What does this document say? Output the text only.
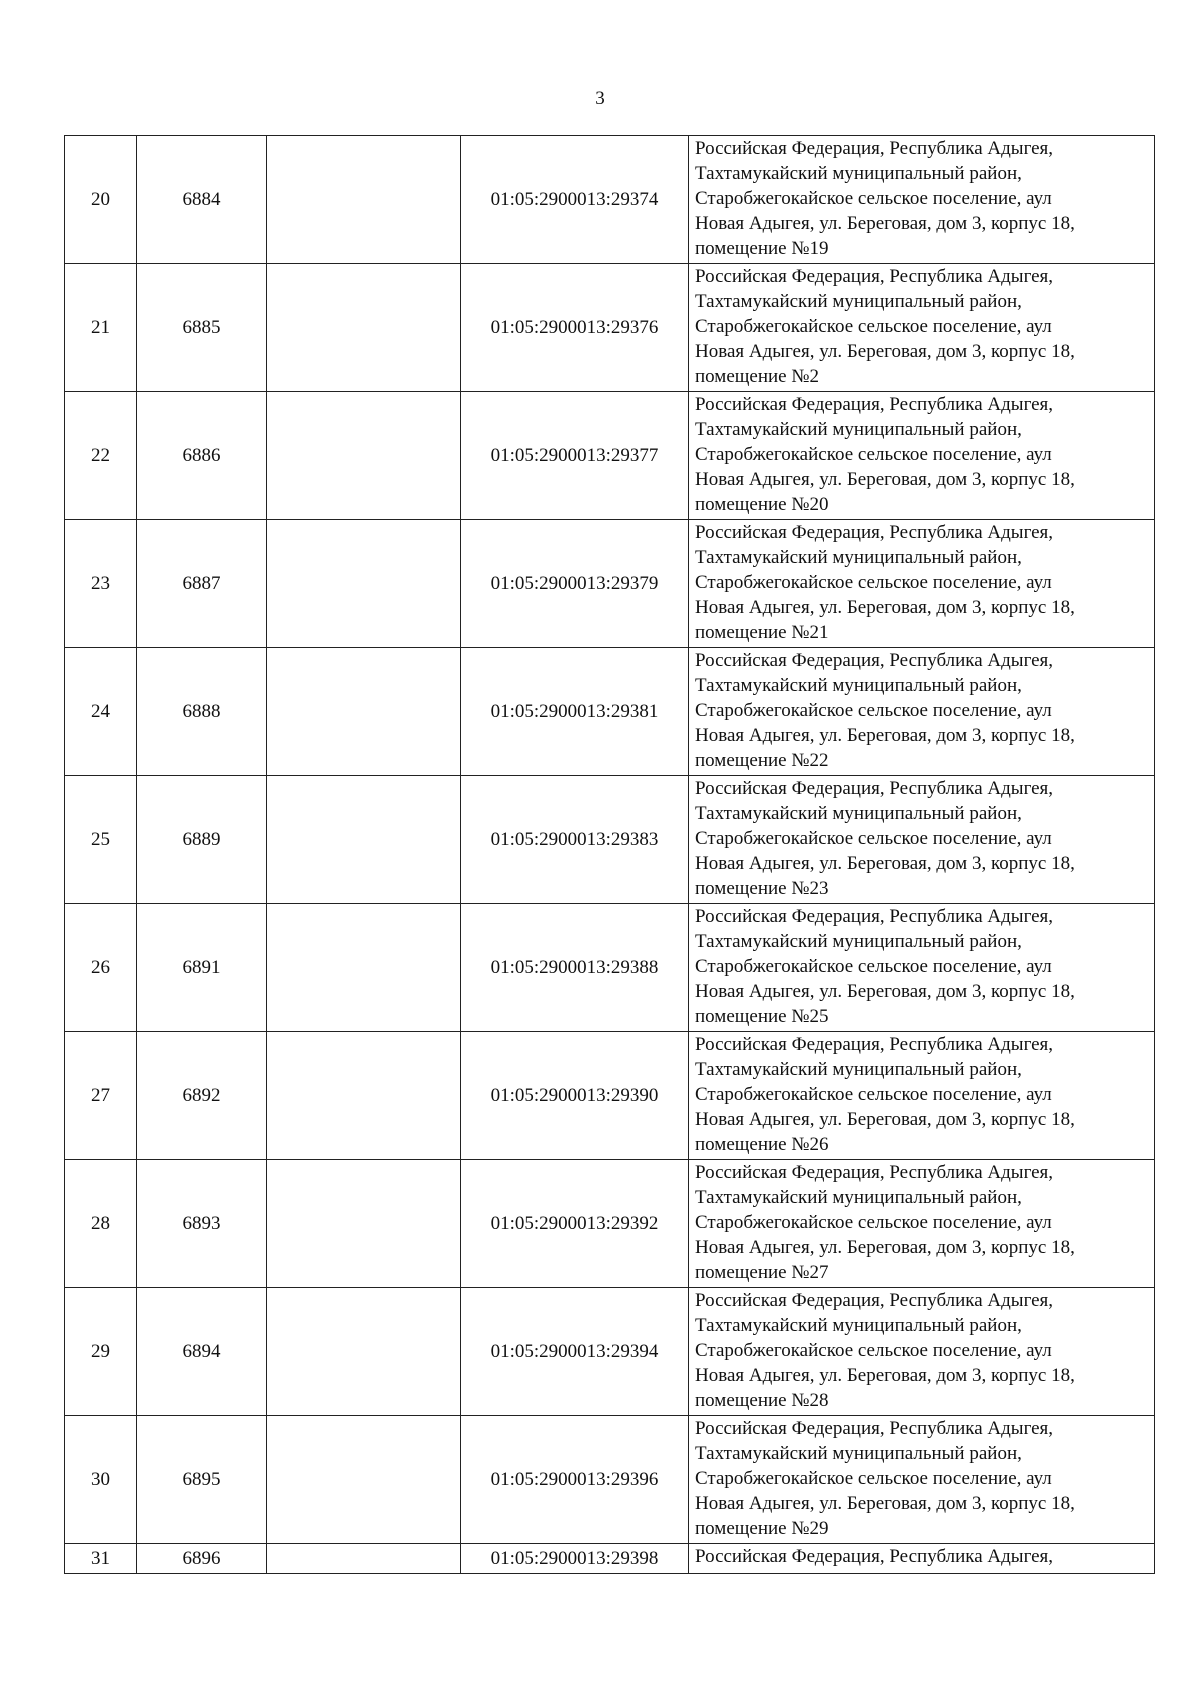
3
20	6884		01:05:2900013:29374	Российская Федерация, Республика Адыгея,
Тахтамукайский муниципальный район,
Старобжегокайское сельское поселение, аул
Новая Адыгея, ул. Береговая, дом 3, корпус 18,
помещение №19
21	6885		01:05:2900013:29376	Российская Федерация, Республика Адыгея,
Тахтамукайский муниципальный район,
Старобжегокайское сельское поселение, аул
Новая Адыгея, ул. Береговая, дом 3, корпус 18,
помещение №2
22	6886		01:05:2900013:29377	Российская Федерация, Республика Адыгея,
Тахтамукайский муниципальный район,
Старобжегокайское сельское поселение, аул
Новая Адыгея, ул. Береговая, дом 3, корпус 18,
помещение №20
23	6887		01:05:2900013:29379	Российская Федерация, Республика Адыгея,
Тахтамукайский муниципальный район,
Старобжегокайское сельское поселение, аул
Новая Адыгея, ул. Береговая, дом 3, корпус 18,
помещение №21
24	6888		01:05:2900013:29381	Российская Федерация, Республика Адыгея,
Тахтамукайский муниципальный район,
Старобжегокайское сельское поселение, аул
Новая Адыгея, ул. Береговая, дом 3, корпус 18,
помещение №22
25	6889		01:05:2900013:29383	Российская Федерация, Республика Адыгея,
Тахтамукайский муниципальный район,
Старобжегокайское сельское поселение, аул
Новая Адыгея, ул. Береговая, дом 3, корпус 18,
помещение №23
26	6891		01:05:2900013:29388	Российская Федерация, Республика Адыгея,
Тахтамукайский муниципальный район,
Старобжегокайское сельское поселение, аул
Новая Адыгея, ул. Береговая, дом 3, корпус 18,
помещение №25
27	6892		01:05:2900013:29390	Российская Федерация, Республика Адыгея,
Тахтамукайский муниципальный район,
Старобжегокайское сельское поселение, аул
Новая Адыгея, ул. Береговая, дом 3, корпус 18,
помещение №26
28	6893		01:05:2900013:29392	Российская Федерация, Республика Адыгея,
Тахтамукайский муниципальный район,
Старобжегокайское сельское поселение, аул
Новая Адыгея, ул. Береговая, дом 3, корпус 18,
помещение №27
29	6894		01:05:2900013:29394	Российская Федерация, Республика Адыгея,
Тахтамукайский муниципальный район,
Старобжегокайское сельское поселение, аул
Новая Адыгея, ул. Береговая, дом 3, корпус 18,
помещение №28
30	6895		01:05:2900013:29396	Российская Федерация, Республика Адыгея,
Тахтамукайский муниципальный район,
Старобжегокайское сельское поселение, аул
Новая Адыгея, ул. Береговая, дом 3, корпус 18,
помещение №29
31	6896		01:05:2900013:29398	Российская Федерация, Республика Адыгея,
